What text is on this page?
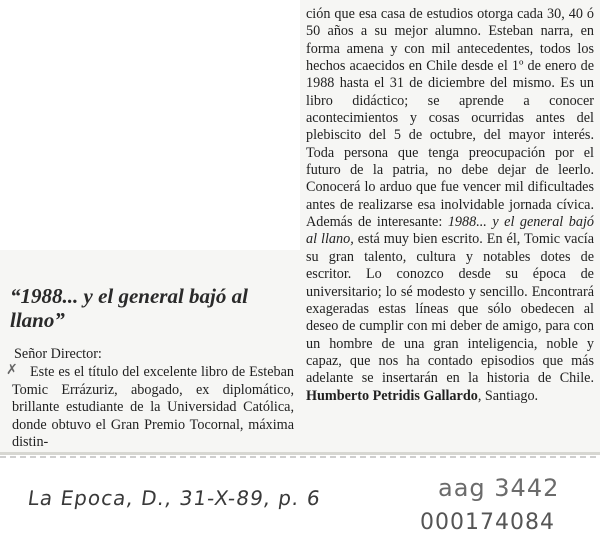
ción que esa casa de estudios otorga cada 30, 40 ó 50 años a su mejor alumno. Esteban narra, en forma amena y con mil antecedentes, todos los hechos acaecidos en Chile desde el 1º de enero de 1988 hasta el 31 de diciembre del mismo. Es un libro didáctico; se aprende a conocer acontecimientos y cosas ocurridas antes del plebiscito del 5 de octubre, del mayor interés. Toda persona que tenga preocupación por el futuro de la patria, no debe dejar de leerlo. Conocerá lo arduo que fue vencer mil dificultades antes de realizarse esa inolvidable jornada cívica. Además de interesante: 1988... y el general bajó al llano, está muy bien escrito. En él, Tomic vacía su gran talento, cultura y notables dotes de escritor. Lo conozco desde su época de universitario; lo sé modesto y sencillo. Encontrará exageradas estas líneas que sólo obedecen al deseo de cumplir con mi deber de amigo, para con un hombre de una gran inteligencia, noble y capaz, que nos ha contado episodios que más adelante se insertarán en la historia de Chile. Humberto Petridis Gallardo, Santiago.

“1988... y el general bajó al llano”
✗
Señor Director:
Este es el título del excelente libro de Esteban Tomic Errázuriz, abogado, ex diplomático, brillante estudiante de la Universidad Católica, donde obtuvo el Gran Premio Tocornal, máxima distin-
La Epoca, D., 31-X-89, p. 6	aag 3442
000174084
